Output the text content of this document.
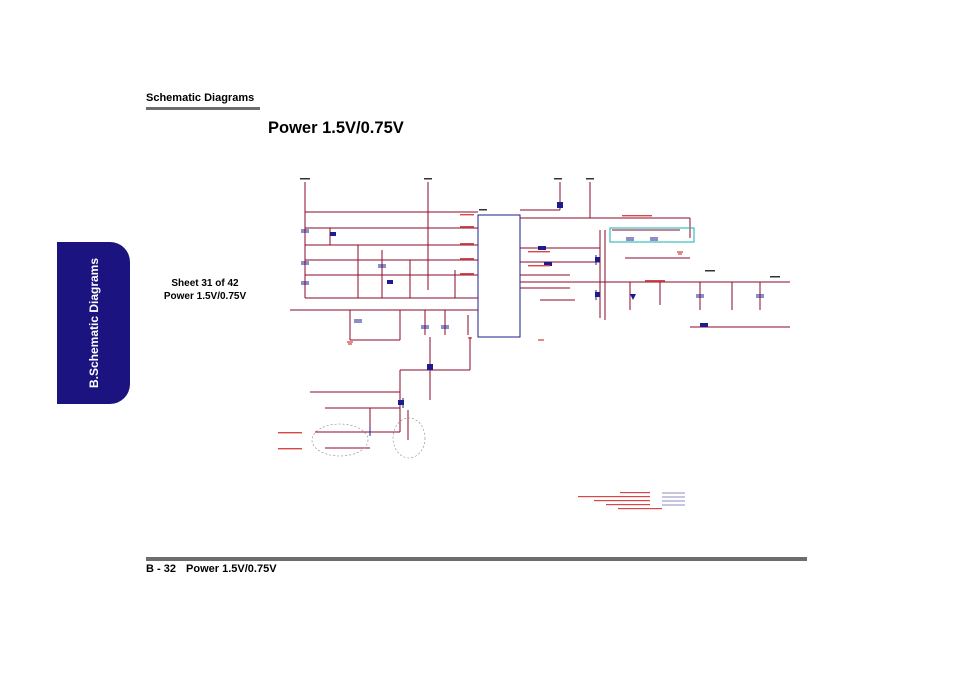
Schematic Diagrams
Power 1.5V/0.75V
B.Schematic Diagrams	Sheet 31 of 42
Power 1.5V/0.75V
B - 32 Power 1.5V/0.75V
